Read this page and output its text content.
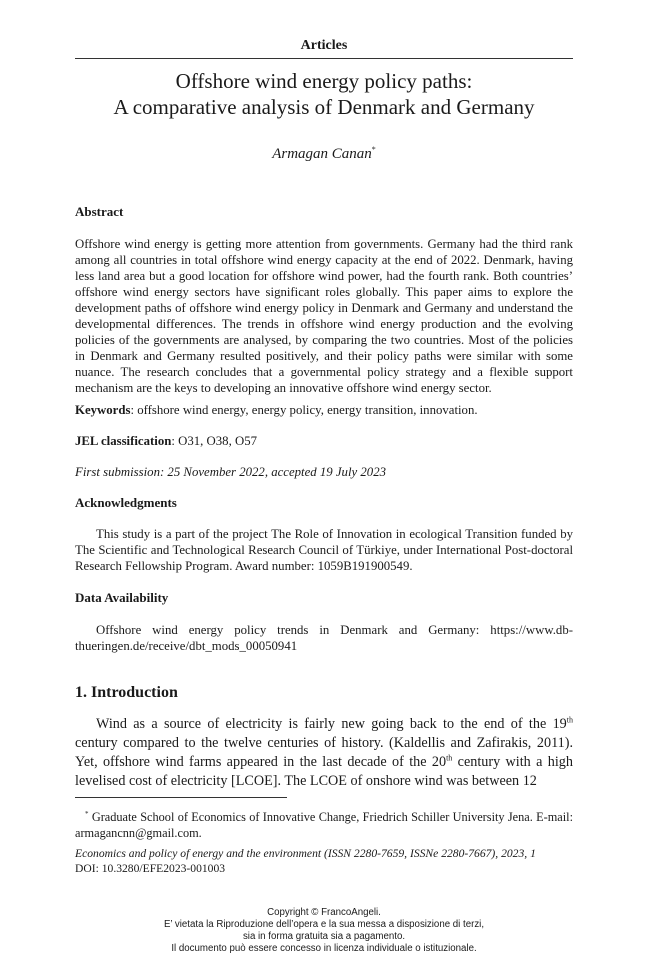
Articles
Offshore wind energy policy paths:
A comparative analysis of Denmark and Germany
Armagan Canan*
Abstract
Offshore wind energy is getting more attention from governments. Germany had the third rank among all countries in total offshore wind energy capacity at the end of 2022. Denmark, having less land area but a good location for offshore wind power, had the fourth rank. Both countries’ offshore wind energy sectors have significant roles globally. This paper aims to explore the development paths of offshore wind energy policy in Denmark and Germany and understand the developmental differences. The trends in offshore wind energy production and the evolving policies of the governments are analysed, by comparing the two countries. Most of the policies in Denmark and Germany resulted positively, and their policy paths were similar with some nuance. The research concludes that a governmental policy strategy and a flexible support mechanism are the keys to developing an innovative offshore wind energy sector.
Keywords: offshore wind energy, energy policy, energy transition, innovation.
JEL classification: O31, O38, O57
First submission: 25 November 2022, accepted 19 July 2023
Acknowledgments
This study is a part of the project The Role of Innovation in ecological Transition funded by The Scientific and Technological Research Council of Türkiye, under International Post-doctoral Research Fellowship Program. Award number: 1059B191900549.
Data Availability
Offshore wind energy policy trends in Denmark and Germany: https://www.db-thueringen.de/receive/dbt_mods_00050941
1. Introduction
Wind as a source of electricity is fairly new going back to the end of the 19th century compared to the twelve centuries of history. (Kaldellis and Zafirakis, 2011). Yet, offshore wind farms appeared in the last decade of the 20th century with a high levelised cost of electricity [LCOE]. The LCOE of onshore wind was between 12
* Graduate School of Economics of Innovative Change, Friedrich Schiller University Jena. E-mail: armagancnn@gmail.com.
Economics and policy of energy and the environment (ISSN 2280-7659, ISSNe 2280-7667), 2023, 1
DOI: 10.3280/EFE2023-001003
Copyright © FrancoAngeli.
E’ vietata la Riproduzione dell’opera e la sua messa a disposizione di terzi,
sia in forma gratuita sia a pagamento.
Il documento può essere concesso in licenza individuale o istituzionale.
